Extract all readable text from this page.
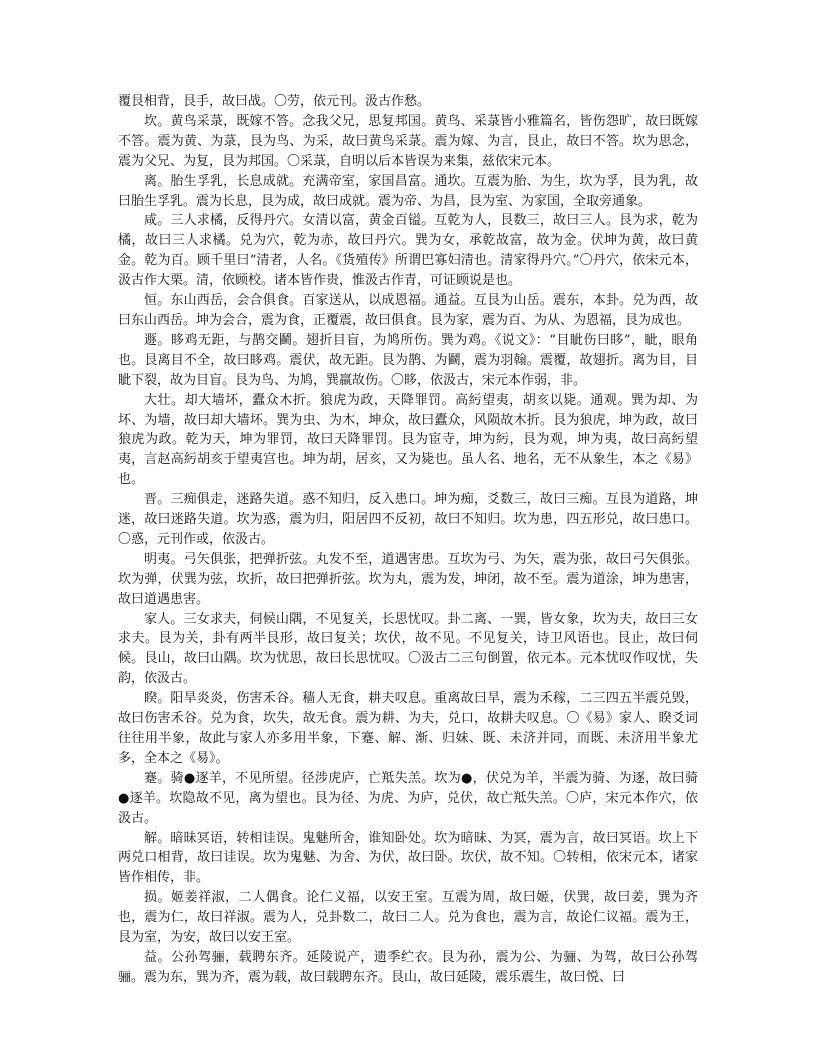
覆艮相背，艮手，故曰战。〇劳，依元刊。汲古作愁。

坎。黄鸟采菉，既嫁不答。念我父兄，思复邦国。黄鸟、采菉皆小雅篇名，皆伤怨旷，故曰既嫁不答。震为黄、为菉，艮为鸟、为采，故曰黄鸟采菉。震为嫁、为言，艮止，故曰不答。坎为思念，震为父兄、为复，艮为邦国。〇采菉，自明以后本皆误为来集，兹依宋元本。

离。胎生孚乳，长息成就。充满帝室，家国昌富。通坎。互震为胎、为生，坎为孚，艮为乳，故曰胎生孚乳。震为长息，艮为成，故曰成就。震为帝、为昌，艮为室、为家国，全取旁通象。

咸。三人求橘，反得丹穴。女清以富，黄金百镒。互乾为人，艮数三，故曰三人。艮为求，乾为橘，故曰三人求橘。兑为穴，乾为赤，故曰丹穴。巽为女，承乾故富，故为金。伏坤为黄，故曰黄金。乾为百。顾千里曰“清者，人名。《货殖传》所谓巴寡妇清也。清家得丹穴。”〇丹穴，依宋元本，汲古作大栗。清，依顾校。诸本皆作贵，惟汲古作青，可证顾说是也。

恒。东山西岳，会合俱食。百家送从，以成恩福。通益。互艮为山岳。震东，本卦。兑为西，故曰东山西岳。坤为会合，震为食，正覆震，故曰俱食。艮为家，震为百、为从、为恩福，艮为成也。

遯。眵鸡无距，与鹊交鬬。翅折目盲，为鸠所伤。巽为鸡。《说文》：“目眦伤曰眵”，眦，眼角也。艮离目不全，故曰眵鸡。震伏，故无距。艮为鹊、为鬬，震为羽翰。震覆，故翅折。离为目，目眦下裂，故为目盲。艮为鸟、为鸠，巽羸故伤。〇眵，依汲古，宋元本作弱，非。

大壮。却大墙坏，蠹众木折。狼虎为政，天降罪罚。高䊸望夷，胡亥以毙。通观。巽为却、为坏、为墙，故曰却大墙坏。巽为虫、为木，坤众，故曰蠹众，风陨故木折。艮为狼虎，坤为政，故曰狼虎为政。乾为天，坤为罪罚，故曰天降罪罚。艮为宦寺，坤为䊸，艮为观，坤为夷，故曰高䊸望夷，言赵高䊸胡亥于望夷宫也。坤为胡，居亥，又为毙也。虽人名、地名，无不从象生，本之《易》也。

晋。三痴俱走，迷路失道。惑不知归，反入患口。坤为痴，爻数三，故曰三痴。互艮为道路，坤迷，故曰迷路失道。坎为惑，震为归，阳居四不反初，故曰不知归。坎为患，四五形兑，故曰患口。〇惑，元刊作或，依汲古。

明夷。弓矢俱张，把弹折弦。丸发不至，道遇害患。互坎为弓、为矢，震为张，故曰弓矢俱张。坎为弹，伏巽为弦，坎折，故曰把弹折弦。坎为丸，震为发，坤闭，故不至。震为道涂，坤为患害，故曰道遇患害。

家人。三女求夫，伺候山隅，不见复关，长思忧叹。卦二离、一巽，皆女象，坎为夫，故曰三女求夫。艮为关，卦有两半艮形，故曰复关；坎伏，故不见。不见复关，诗卫风语也。艮止，故曰伺候。艮山，故曰山隅。坎为忧思，故曰长思忧叹。〇汲古二三句倒置，依元本。元本忧叹作叹忧，失韵，依汲古。

睽。阳旱炎炎，伤害禾谷。穑人无食，耕夫叹息。重离故曰旱，震为禾稼，二三四五半震兑毁，故曰伤害禾谷。兑为食，坎失，故无食。震为耕、为夫，兑口，故耕夫叹息。〇《易》家人、睽爻词往往用半象，故此与家人亦多用半象，下蹇、解、渐、归妹、既、未济并同，而既、未济用半象尤多，全本之《易》。

蹇。骑●逐羊，不见所望。径涉虎庐，亡羝失羔。坎为●，伏兑为羊，半震为骑、为逐，故曰骑●逐羊。坎隐故不见，离为望也。艮为径、为虎、为庐，兑伏，故亡羝失羔。〇庐，宋元本作穴，依汲古。

解。暗昧冥语，转相诖误。鬼魅所舍，谁知卧处。坎为暗昧、为冥，震为言，故曰冥语。坎上下两兑口相背，故曰诖误。坎为鬼魅、为舍、为伏，故曰卧。坎伏，故不知。〇转相，依宋元本，诸家皆作相传，非。

损。姬姜祥淑，二人偶食。论仁义福，以安王室。互震为周，故曰姬，伏巽，故曰姜，巽为齐也，震为仁，故曰祥淑。震为人，兑卦数二，故曰二人。兑为食也，震为言，故论仁议福。震为王，艮为室，为安，故曰以安王室。

益。公孙驾骊，载聘东齐。延陵说产，遗季纻衣。艮为孙，震为公、为骊、为驾，故曰公孙驾骊。震为东，巽为齐，震为载，故曰载聘东齐。艮山，故曰延陵，震乐震生，故曰悦、曰
